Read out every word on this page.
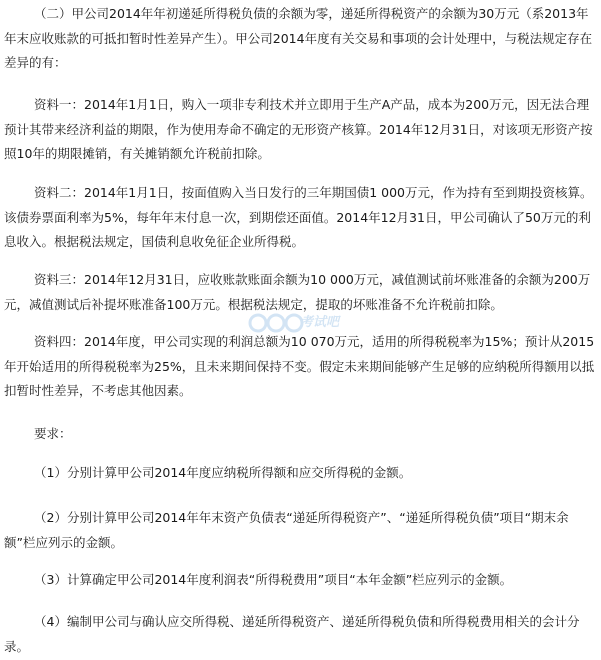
（二）甲公司2014年年初递延所得税负债的余额为零，递延所得税资产的余额为30万元（系2013年年末应收账款的可抵扣暂时性差异产生）。甲公司2014年度有关交易和事项的会计处理中，与税法规定存在差异的有：

资料一：2014年1月1日，购入一项非专利技术并立即用于生产A产品，成本为200万元，因无法合理预计其带来经济利益的期限，作为使用寿命不确定的无形资产核算。2014年12月31日，对该项无形资产按照10年的期限摊销，有关摊销额允许税前扣除。

资料二：2014年1月1日，按面值购入当日发行的三年期国债1 000万元，作为持有至到期投资核算。该债券票面利率为5%，每年年末付息一次，到期偿还面值。2014年12月31日，甲公司确认了50万元的利息收入。根据税法规定，国债利息收免征企业所得税。

资料三：2014年12月31日，应收账款账面余额为10 000万元，减值测试前坏账准备的余额为200万元，减值测试后补提坏账准备100万元。根据税法规定，提取的坏账准备不允许税前扣除。

资料四：2014年度，甲公司实现的利润总额为10 070万元，适用的所得税税率为15%；预计从2015年开始适用的所得税税率为25%，且未来期间保持不变。假定未来期间能够产生足够的应纳税所得额用以抵扣暂时性差异，不考虑其他因素。

要求：

（1）分别计算甲公司2014年度应纳税所得额和应交所得税的金额。

（2）分别计算甲公司2014年年末资产负债表“递延所得税资产”、“递延所得税负债”项目“期末余额”栏应列示的金额。

（3）计算确定甲公司2014年度利润表“所得税费用”项目“本年金额”栏应列示的金额。

（4）编制甲公司与确认应交所得税、递延所得税资产、递延所得税负债和所得税费用相关的会计分录。

考试吧
